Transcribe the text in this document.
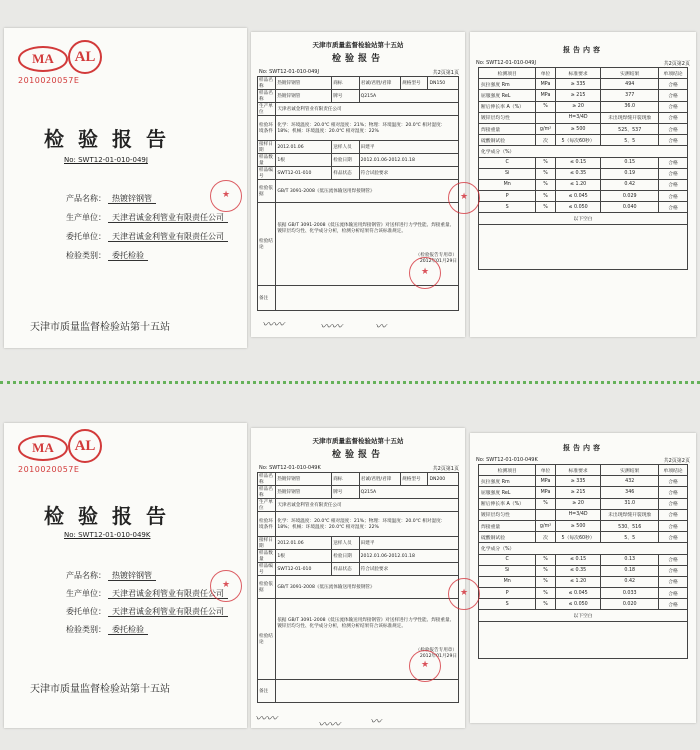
MA	AL
2010020057E
检验报告
No: SWT12-01-010-049J
产品名称： 热镀锌钢管
生产单位： 天津君诚金利管业有限责任公司
委托单位： 天津君诚金利管业有限责任公司
检验类别： 委托检验
天津市质量监督检验站第十五站
天津市质量监督检验站第十五站
检验报告
No: SWT12-01-010-049J	共2页第1页
样品名称	热镀锌钢管	商标	君诚/君胜/君锋	规格型号	DN150
样品名称	热镀锌钢管	牌号	Q215A		
生产单位	天津君诚金利管业有限责任公司				
检验环境条件	化学：环境温度：20.0℃ 相对湿度：21%；物理：环境温度：20.0℃ 相对湿度：18%；机械：环境温度：20.0℃ 相对湿度：22%				
接样日期	2012.01.06	送样人员	田建平		
样品数量	1根	检验日期	2012.01.06-2012.01.18		
样品编号	SWT12-01-010	样品状态	符合试验要求		
检验依据	GB/T 3091-2008《低压流体输送用焊接钢管》				
检验结论	依据 GB/T 3091-2008《低压流体输送用焊接钢管》对送样进行力学性能、焊接重量、镀锌层均匀性、化学成分分析，检测分析结果符合该标准规定。
（检验报告专用章）
2012年01月29日				

备注					
★
报告内容
No: SWT12-01-010-049J	共2页第2页
检测项目	单位	标准要求	实测结果	单项结论
抗拉强度 Rm	MPa	≥ 335	494	合格
屈服强度 ReL	MPa	≥ 215	377	合格
断后伸长率 A（%）	%	≥ 20	36.0	合格
镀锌层均匀性		H=3/4D	未出现焊缝开裂现象	合格
焊接重量	g/m²	≥ 500	525、537	合格
硫酸铜试验	次	5（每次60秒）	5、5	合格
化学成分（%）				
C	%	≤ 0.15	0.15	合格
Si	%	≤ 0.35	0.19	合格
Mn	%	≤ 1.20	0.42	合格
P	%	≤ 0.045	0.029	合格
S	%	≤ 0.050	0.040	合格
以下空白				

★	★
〰〰	〰〰	〰
MA	AL
2010020057E
检验报告
No: SWT12-01-010-049K
产品名称： 热镀锌钢管
生产单位： 天津君诚金利管业有限责任公司
委托单位： 天津君诚金利管业有限责任公司
检验类别： 委托检验
天津市质量监督检验站第十五站
天津市质量监督检验站第十五站
检验报告
No: SWT12-01-010-049K	共2页第1页
样品名称	热镀锌钢管	商标	君诚/君胜/君锋	规格型号	DN200
样品名称	热镀锌钢管	牌号	Q215A		
生产单位	天津君诚金利管业有限责任公司				
检验环境条件	化学：环境温度：20.0℃ 相对湿度：21%；物理：环境温度：20.0℃ 相对湿度：18%；机械：环境温度：20.0℃ 相对湿度：22%				
接样日期	2012.01.06	送样人员	田建平		
样品数量	1根	检验日期	2012.01.06-2012.01.18		
样品编号	SWT12-01-010	样品状态	符合试验要求		
检验依据	GB/T 3091-2008《低压流体输送用焊接钢管》				
检验结论	依据 GB/T 3091-2008《低压流体输送用焊接钢管》对送样进行力学性能、焊接重量、镀锌层均匀性、化学成分分析，检测分析结果符合该标准规定。
（检验报告专用章）
2012年01月29日				

备注					
★
报告内容
No: SWT12-01-010-049K	共2页第2页
检测项目	单位	标准要求	实测结果	单项结论
抗拉强度 Rm	MPa	≥ 335	432	合格
屈服强度 ReL	MPa	≥ 215	346	合格
断后伸长率 A（%）	%	≥ 20	31.0	合格
镀锌层均匀性		H=3/4D	未出现焊缝开裂现象	合格
焊接重量	g/m²	≥ 500	530、516	合格
硫酸铜试验	次	5（每次60秒）	5、5	合格
化学成分（%）				
C	%	≤ 0.15	0.13	合格
Si	%	≤ 0.35	0.18	合格
Mn	%	≤ 1.20	0.42	合格
P	%	≤ 0.045	0.033	合格
S	%	≤ 0.050	0.020	合格
以下空白				

★
★
〰〰	〰〰	〰
